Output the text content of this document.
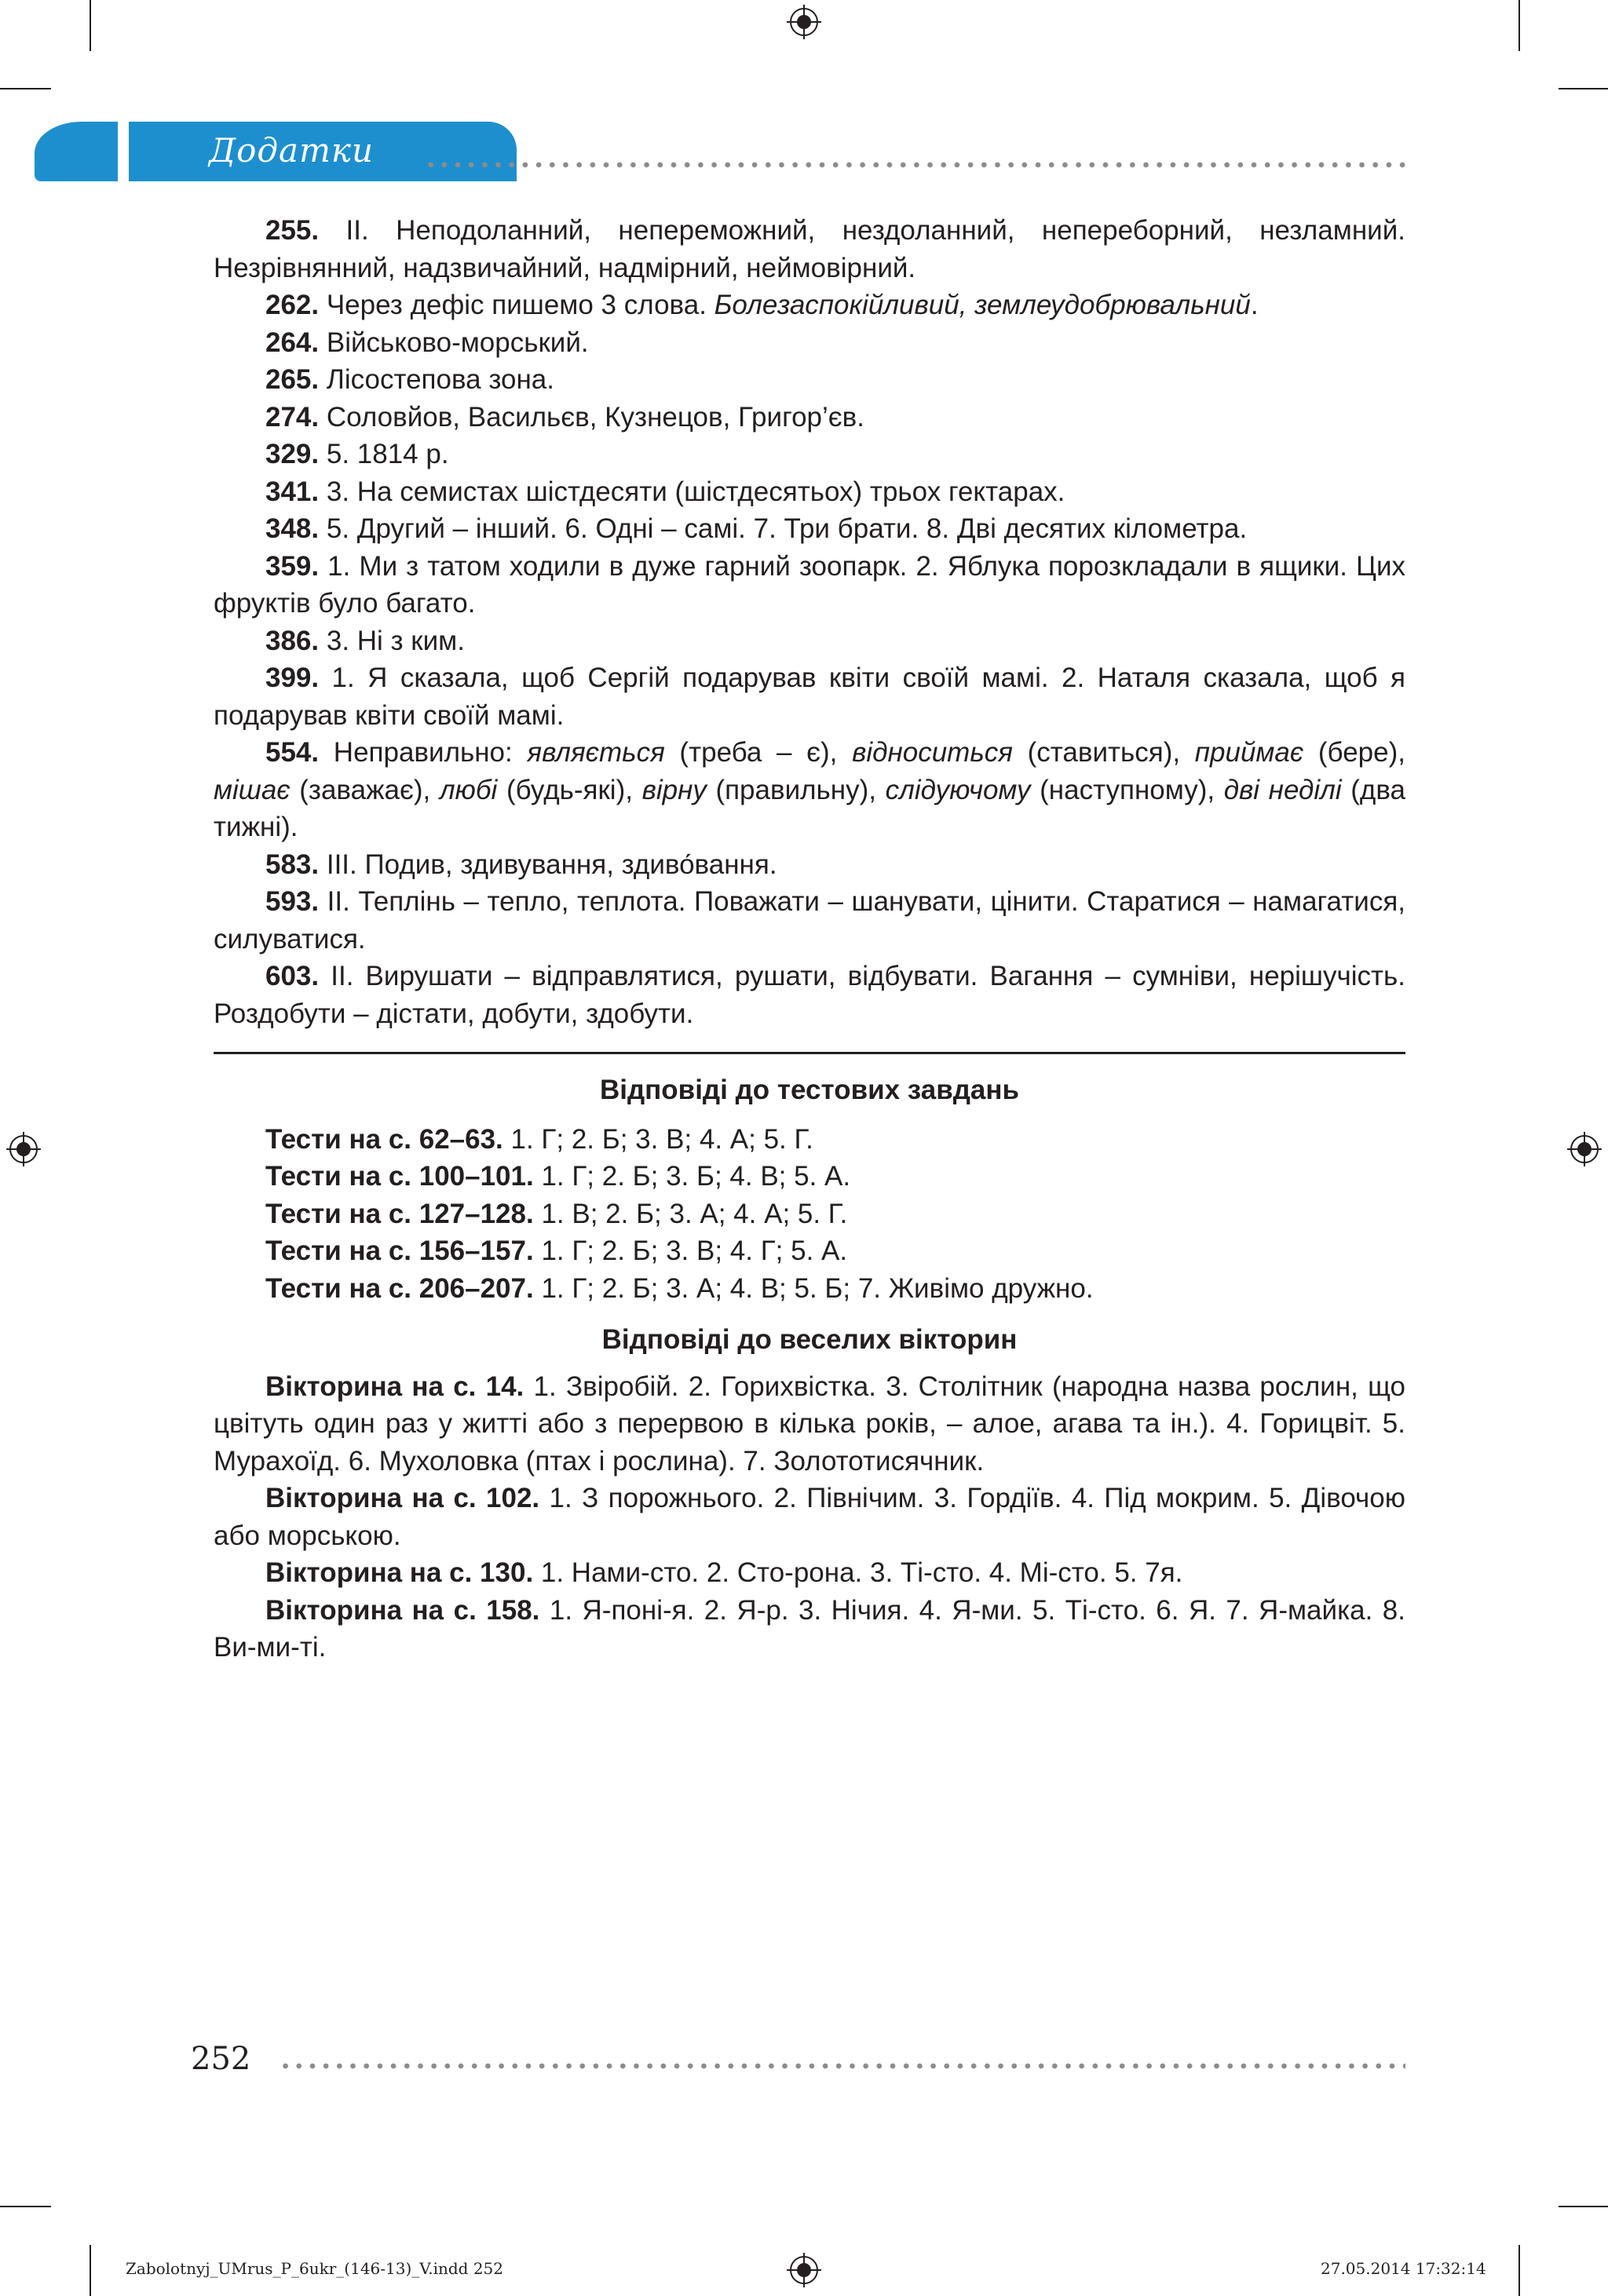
Додатки

255. ІІ. Неподоланний, непереможний, нездоланний, непереборний, незламний. Незрівнянний, надзвичайний, надмірний, неймовірний.

262. Через дефіс пишемо 3 слова. Болезаспокійливий, землеудобрювальний.

264. Військово-морський.

265. Лісостепова зона.

274. Соловйов, Васильєв, Кузнецов, Григор’єв.

329. 5. 1814 р.

341. 3. На семистах шістдесяти (шістдесятьох) трьох гектарах.

348. 5. Другий – інший. 6. Одні – самі. 7. Три брати. 8. Дві десятих кілометра.

359. 1. Ми з татом ходили в дуже гарний зоопарк. 2. Яблука порозкладали в ящики. Цих фруктів було багато.

386. 3. Ні з ким.

399. 1. Я сказала, щоб Сергій подарував квіти своїй мамі. 2. Наталя сказала, щоб я подарував квіти своїй мамі.

554. Неправильно: являється (треба – є), відноситься (ставиться), приймає (бере), мішає (заважає), любі (будь-які), вірну (правильну), слідуючому (наступному), дві неділі (два тижні).

583. ІІІ. Подив, здивування, здиво́вання.

593. ІІ. Теплінь – тепло, теплота. Поважати – шанувати, цінити. Старатися – намагатися, силуватися.

603. ІІ. Вирушати – відправлятися, рушати, відбувати. Вагання – сумніви, нерішучість. Роздобути – дістати, добути, здобути.

Відповіді до тестових завдань

Тести на с. 62–63. 1. Г; 2. Б; 3. В; 4. А; 5. Г.

Тести на с. 100–101. 1. Г; 2. Б; 3. Б; 4. В; 5. А.

Тести на с. 127–128. 1. В; 2. Б; 3. А; 4. А; 5. Г.

Тести на с. 156–157. 1. Г; 2. Б; 3. В; 4. Г; 5. А.

Тести на с. 206–207. 1. Г; 2. Б; 3. А; 4. В; 5. Б; 7. Живімо дружно.

Відповіді до веселих вікторин

Вікторина на с. 14. 1. Звіробій. 2. Горихвістка. 3. Столітник (народна назва рослин, що цвітуть один раз у житті або з перервою в кілька років, – алое, агава та ін.). 4. Горицвіт. 5. Мурахоїд. 6. Мухоловка (птах і рослина). 7. Золототисячник.

Вікторина на с. 102. 1. З порожнього. 2. Північим. 3. Гордіїв. 4. Під мокрим. 5. Дівочою або морською.

Вікторина на с. 130. 1. Нами-сто. 2. Сто-рона. 3. Ті-сто. 4. Мі-сто. 5. 7я.

Вікторина на с. 158. 1. Я-поні-я. 2. Я-р. 3. Нічия. 4. Я-ми. 5. Ті-сто. 6. Я. 7. Я-майка. 8. Ви-ми-ті.

252
Zabolotnyj_UMrus_P_6ukr_(146-13)_V.indd 252	27.05.2014 17:32:14
